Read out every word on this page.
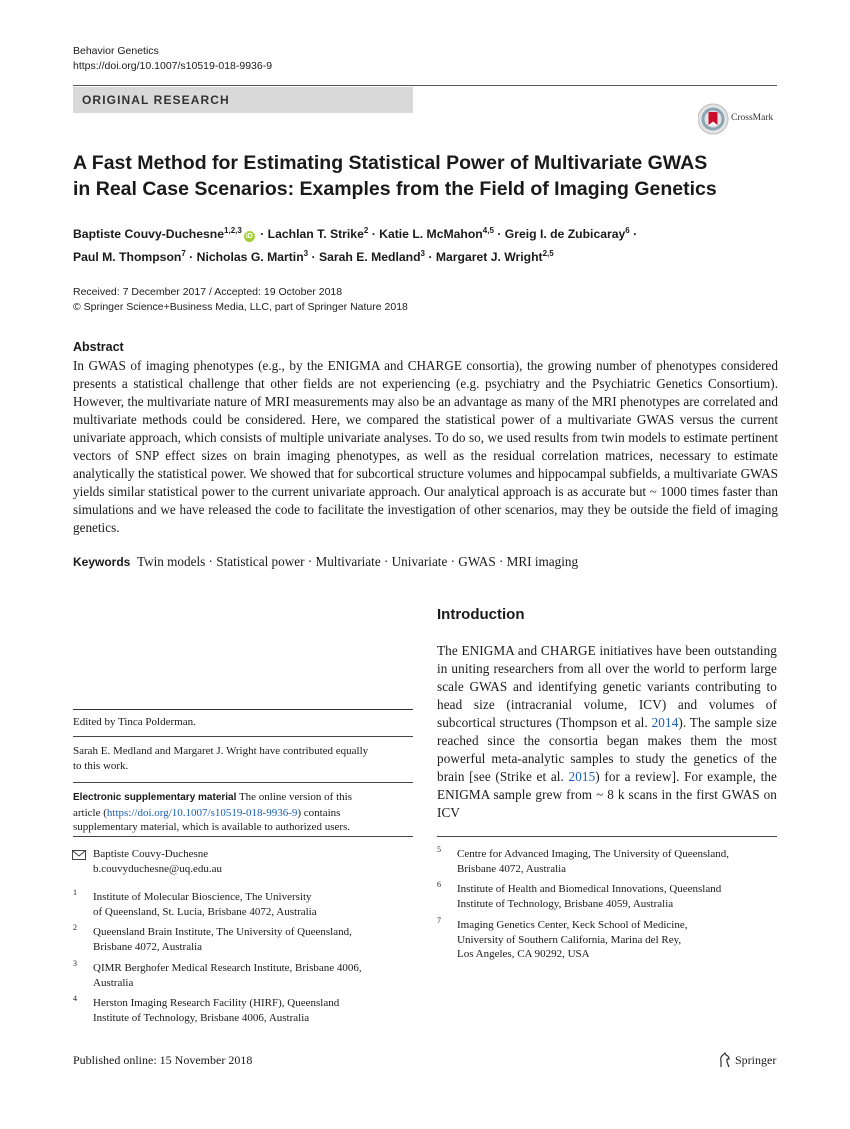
Behavior Genetics
https://doi.org/10.1007/s10519-018-9936-9
ORIGINAL RESEARCH
CrossMark
A Fast Method for Estimating Statistical Power of Multivariate GWAS
in Real Case Scenarios: Examples from the Field of Imaging Genetics
Baptiste Couvy-Duchesne$^{1,2,3}$iD · Lachlan T. Strike$^2$ · Katie L. McMahon$^{4,5}$ · Greig I. de Zubicaray$^6$ ·
Paul M. Thompson$^7$ · Nicholas G. Martin$^3$ · Sarah E. Medland$^3$ · Margaret J. Wright$^{2,5}$
Received: 7 December 2017 / Accepted: 19 October 2018
© Springer Science+Business Media, LLC, part of Springer Nature 2018
Abstract
In GWAS of imaging phenotypes (e.g., by the ENIGMA and CHARGE consortia), the growing number of phenotypes considered presents a statistical challenge that other fields are not experiencing (e.g. psychiatry and the Psychiatric Genetics Consortium). However, the multivariate nature of MRI measurements may also be an advantage as many of the MRI phenotypes are correlated and multivariate methods could be considered. Here, we compared the statistical power of a multivariate GWAS versus the current univariate approach, which consists of multiple univariate analyses. To do so, we used results from twin models to estimate pertinent vectors of SNP effect sizes on brain imaging phenotypes, as well as the residual correlation matrices, necessary to estimate analytically the statistical power. We showed that for subcortical structure volumes and hippocampal subfields, a multivariate GWAS yields similar statistical power to the current univariate approach. Our analytical approach is as accurate but ~ 1000 times faster than simulations and we have released the code to facilitate the investigation of other scenarios, may they be outside the field of imaging genetics.
Keywords Twin models · Statistical power · Multivariate · Univariate · GWAS · MRI imaging
Introduction
The ENIGMA and CHARGE initiatives have been outstanding in uniting researchers from all over the world to perform large scale GWAS and identifying genetic variants contributing to head size (intracranial volume, ICV) and volumes of subcortical structures (Thompson et al. 2014). The sample size reached since the consortia began makes them the most powerful meta-analytic samples to study the genetics of the brain [see (Strike et al. 2015) for a review]. For example, the ENIGMA sample grew from ~ 8 k scans in the first GWAS on ICV
Edited by Tinca Polderman.
Sarah E. Medland and Margaret J. Wright have contributed equally
to this work.
Electronic supplementary material The online version of this
article (https://doi.org/10.1007/s10519-018-9936-9) contains
supplementary material, which is available to authorized users.
Baptiste Couvy-Duchesne
b.couvyduchesne@uq.edu.au
1 Institute of Molecular Bioscience, The University
of Queensland, St. Lucia, Brisbane 4072, Australia
2 Queensland Brain Institute, The University of Queensland,
Brisbane 4072, Australia
3 QIMR Berghofer Medical Research Institute, Brisbane 4006,
Australia
4 Herston Imaging Research Facility (HIRF), Queensland
Institute of Technology, Brisbane 4006, Australia
5 Centre for Advanced Imaging, The University of Queensland,
Brisbane 4072, Australia
6 Institute of Health and Biomedical Innovations, Queensland
Institute of Technology, Brisbane 4059, Australia
7 Imaging Genetics Center, Keck School of Medicine,
University of Southern California, Marina del Rey,
Los Angeles, CA 90292, USA
Published online: 15 November 2018	Springer
